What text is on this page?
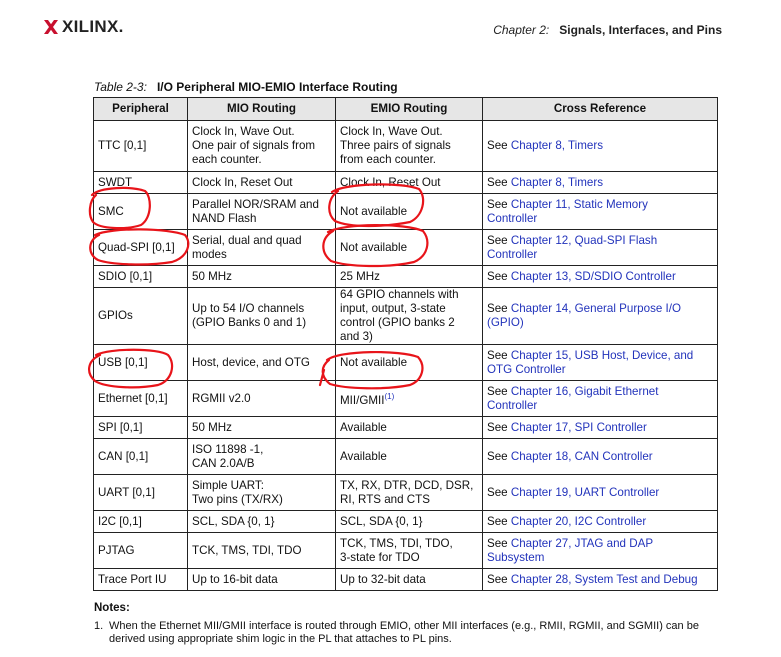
XILINX.	Chapter 2: Signals, Interfaces, and Pins
Table 2-3: I/O Peripheral MIO-EMIO Interface Routing
Peripheral	MIO Routing	EMIO Routing	Cross Reference
TTC [0,1]	Clock In, Wave Out.
One pair of signals from
each counter.	Clock In, Wave Out.
Three pairs of signals
from each counter.	See Chapter 8, Timers
SWDT	Clock In, Reset Out	Clock In, Reset Out	See Chapter 8, Timers
SMC	Parallel NOR/SRAM and
NAND Flash	Not available	See Chapter 11, Static Memory
Controller
Quad-SPI [0,1]	Serial, dual and quad
modes	Not available	See Chapter 12, Quad-SPI Flash
Controller
SDIO [0,1]	50 MHz	25 MHz	See Chapter 13, SD/SDIO Controller
GPIOs	Up to 54 I/O channels
(GPIO Banks 0 and 1)	64 GPIO channels with
input, output, 3-state
control (GPIO banks 2
and 3)	See Chapter 14, General Purpose I/O
(GPIO)
USB [0,1]	Host, device, and OTG	Not available	See Chapter 15, USB Host, Device, and
OTG Controller
Ethernet [0,1]	RGMII v2.0	MII/GMII$^{(1)}$	See Chapter 16, Gigabit Ethernet
Controller
SPI [0,1]	50 MHz	Available	See Chapter 17, SPI Controller
CAN [0,1]	ISO 11898 -1,
CAN 2.0A/B	Available	See Chapter 18, CAN Controller
UART [0,1]	Simple UART:
Two pins (TX/RX)	TX, RX, DTR, DCD, DSR,
RI, RTS and CTS	See Chapter 19, UART Controller
I2C [0,1]	SCL, SDA {0, 1}	SCL, SDA {0, 1}	See Chapter 20, I2C Controller
PJTAG	TCK, TMS, TDI, TDO	TCK, TMS, TDI, TDO,
3-state for TDO	See Chapter 27, JTAG and DAP
Subsystem
Trace Port IU	Up to 16-bit data	Up to 32-bit data	See Chapter 28, System Test and Debug
Notes:
1. When the Ethernet MII/GMII interface is routed through EMIO, other MII interfaces (e.g., RMII, RGMII, and SGMII) can be derived using appropriate shim logic in the PL that attaches to PL pins.
